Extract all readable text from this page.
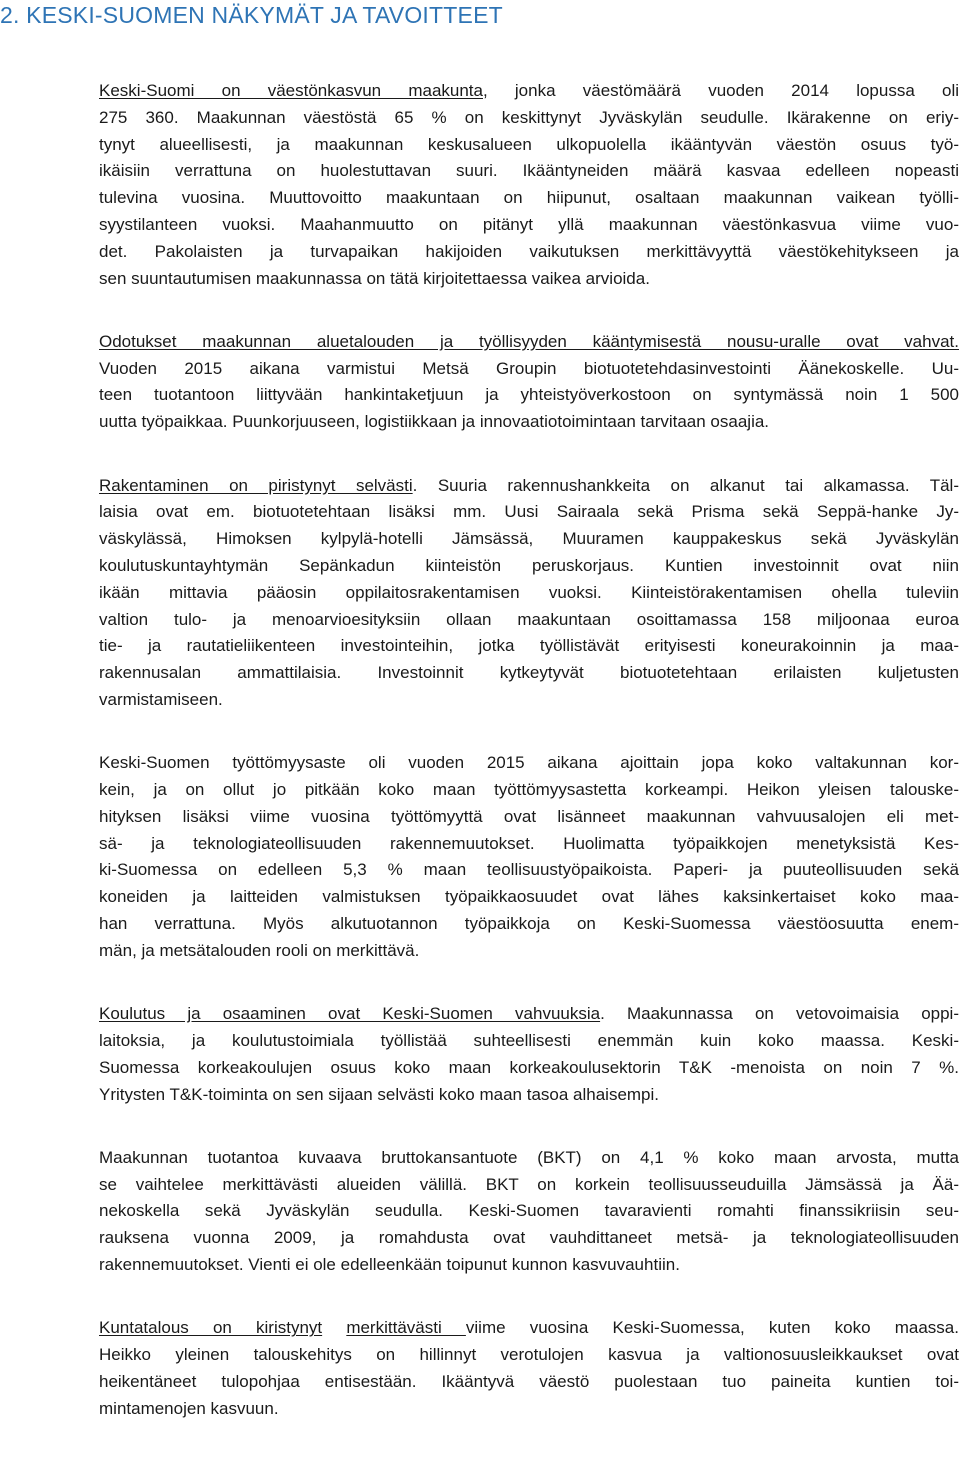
2. KESKI-SUOMEN NÄKYMÄT JA TAVOITTEET

Keski-Suomi on väestönkasvun maakunta, jonka väestömäärä vuoden 2014 lopussa oli
275 360. Maakunnan väestöstä 65 % on keskittynyt Jyväskylän seudulle. Ikärakenne on eriy-
tynyt alueellisesti, ja maakunnan keskusalueen ulkopuolella ikääntyvän väestön osuus työ-
ikäisiin verrattuna on huolestuttavan suuri. Ikääntyneiden määrä kasvaa edelleen nopeasti
tulevina vuosina. Muuttovoitto maakuntaan on hiipunut, osaltaan maakunnan vaikean työlli-
syystilanteen vuoksi. Maahanmuutto on pitänyt yllä maakunnan väestönkasvua viime vuo-
det. Pakolaisten ja turvapaikan hakijoiden vaikutuksen merkittävyyttä väestökehitykseen ja
sen suuntautumisen maakunnassa on tätä kirjoitettaessa vaikea arvioida.

Odotukset maakunnan aluetalouden ja työllisyyden kääntymisestä nousu-uralle ovat vahvat.
Vuoden 2015 aikana varmistui Metsä Groupin biotuotetehdasinvestointi Äänekoskelle. Uu-
teen tuotantoon liittyvään hankintaketjuun ja yhteistyöverkostoon on syntymässä noin 1 500
uutta työpaikkaa. Puunkorjuuseen, logistiikkaan ja innovaatiotoimintaan tarvitaan osaajia.

Rakentaminen on piristynyt selvästi. Suuria rakennushankkeita on alkanut tai alkamassa. Täl-
laisia ovat em. biotuotetehtaan lisäksi mm. Uusi Sairaala sekä Prisma sekä Seppä-hanke Jy-
väskylässä, Himoksen kylpylä-hotelli Jämsässä, Muuramen kauppakeskus sekä Jyväskylän
koulutuskuntayhtymän Sepänkadun kiinteistön peruskorjaus. Kuntien investoinnit ovat niin
ikään mittavia pääosin oppilaitosrakentamisen vuoksi. Kiinteistörakentamisen ohella tuleviin
valtion tulo- ja menoarvioesityksiin ollaan maakuntaan osoittamassa 158 miljoonaa euroa
tie- ja rautatieliikenteen investointeihin, jotka työllistävät erityisesti koneurakoinnin ja maa-
rakennusalan ammattilaisia. Investoinnit kytkeytyvät biotuotetehtaan erilaisten kuljetusten
varmistamiseen.

Keski-Suomen työttömyysaste oli vuoden 2015 aikana ajoittain jopa koko valtakunnan kor-
kein, ja on ollut jo pitkään koko maan työttömyysastetta korkeampi. Heikon yleisen talouske-
hityksen lisäksi viime vuosina työttömyyttä ovat lisänneet maakunnan vahvuusalojen eli met-
sä- ja teknologiateollisuuden rakennemuutokset. Huolimatta työpaikkojen menetyksistä Kes-
ki-Suomessa on edelleen 5,3 % maan teollisuustyöpaikoista. Paperi- ja puuteollisuuden sekä
koneiden ja laitteiden valmistuksen työpaikkaosuudet ovat lähes kaksinkertaiset koko maa-
han verrattuna. Myös alkutuotannon työpaikkoja on Keski-Suomessa väestöosuutta enem-
män, ja metsätalouden rooli on merkittävä.

Koulutus ja osaaminen ovat Keski-Suomen vahvuuksia. Maakunnassa on vetovoimaisia oppi-
laitoksia, ja koulutustoimiala työllistää suhteellisesti enemmän kuin koko maassa. Keski-
Suomessa korkeakoulujen osuus koko maan korkeakoulusektorin T&K -menoista on noin 7 %.
Yritysten T&K-toiminta on sen sijaan selvästi koko maan tasoa alhaisempi.

Maakunnan tuotantoa kuvaava bruttokansantuote (BKT) on 4,1 % koko maan arvosta, mutta
se vaihtelee merkittävästi alueiden välillä. BKT on korkein teollisuusseuduilla Jämsässä ja Ää-
nekoskella sekä Jyväskylän seudulla. Keski-Suomen tavaravienti romahti finanssikriisin seu-
rauksena vuonna 2009, ja romahdusta ovat vauhdittaneet metsä- ja teknologiateollisuuden
rakennemuutokset. Vienti ei ole edelleenkään toipunut kunnon kasvuvauhtiin.

Kuntatalous on kiristynyt merkittävästi viime vuosina Keski-Suomessa, kuten koko maassa.
Heikko yleinen talouskehitys on hillinnyt verotulojen kasvua ja valtionosuusleikkaukset ovat
heikentäneet tulopohjaa entisestään. Ikääntyvä väestö puolestaan tuo paineita kuntien toi-
mintamenojen kasvuun.
